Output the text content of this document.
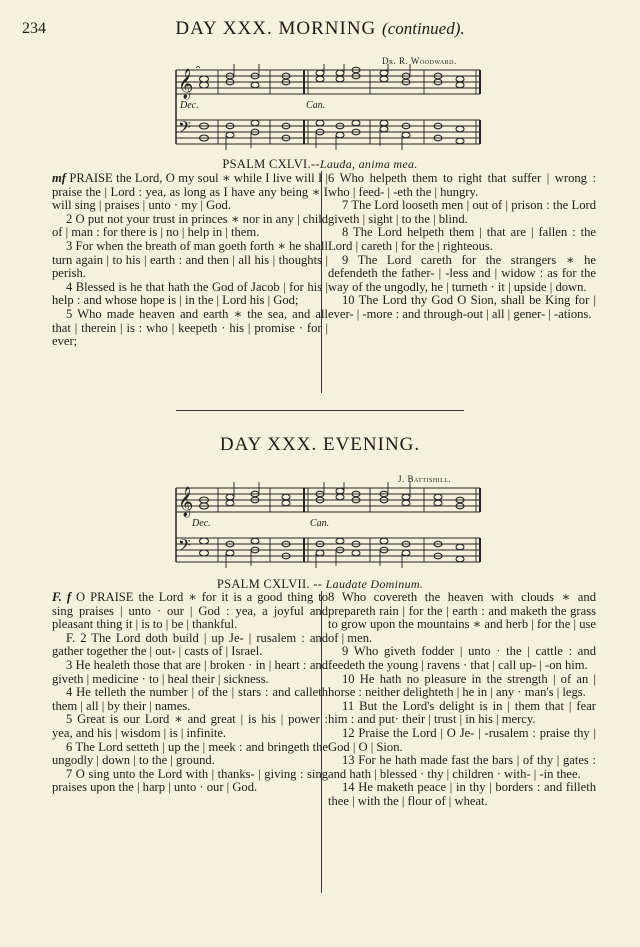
234	DAY XXX. MORNING (continued).
Dr. R. Woodward.
𝄞
𝄢
Dec.	Can.
PSALM CXLVI.--Lauda, anima mea.

mf PRAISE the Lord, O my soul ∗ while I live will I | praise the | Lord : yea, as long as I have any being ∗ I will sing | praises | unto · my | God.

2 O put not your trust in princes ∗ nor in any | child of | man : for there is | no | help in | them.

3 For when the breath of man goeth forth ∗ he shall turn again | to his | earth : and then | all his | thoughts | perish.

4 Blessed is he that hath the God of Jacob | for his | help : and whose hope is | in the | Lord his | God;

5 Who made heaven and earth ∗ the sea, and all that | therein | is : who | keepeth · his | promise · for | ever;

6 Who helpeth them to right that suffer | wrong : who | feed- | -eth the | hungry.

7 The Lord looseth men | out of | prison : the Lord giveth | sight | to the | blind.

8 The Lord helpeth them | that are | fallen : the Lord | careth | for the | righteous.

9 The Lord careth for the strangers ∗ he defendeth the father- | -less and | widow : as for the way of the ungodly, he | turneth · it | upside | down.

10 The Lord thy God O Sion, shall be King for | ever- | -more : and through-out | all | gener- | -ations.

DAY XXX. EVENING.
J. Battishill.
𝄞
𝄢
Dec.	Can.
PSALM CXLVII. -- Laudate Dominum.

F. f O PRAISE the Lord ∗ for it is a good thing to sing praises | unto · our | God : yea, a joyful and pleasant thing it | is to | be | thankful.

F. 2 The Lord doth build | up Je- | rusalem : and gather together the | out- | casts of | Israel.

3 He healeth those that are | broken · in | heart : and giveth | medicine · to | heal their | sickness.

4 He telleth the number | of the | stars : and calleth them | all | by their | names.

5 Great is our Lord ∗ and great | is his | power : yea, and his | wisdom | is | infinite.

6 The Lord setteth | up the | meek : and bringeth the ungodly | down | to the | ground.

7 O sing unto the Lord with | thanks- | giving : sing praises upon the | harp | unto · our | God.

8 Who covereth the heaven with clouds ∗ and prepareth rain | for the | earth : and maketh the grass to grow upon the mountains ∗ and herb | for the | use of | men.

9 Who giveth fodder | unto · the | cattle : and feedeth the young | ravens · that | call up- | -on him.

10 He hath no pleasure in the strength | of an | horse : neither delighteth | he in | any · man's | legs.

11 But the Lord's delight is in | them that | fear him : and put· their | trust | in his | mercy.

12 Praise the Lord | O Je- | -rusalem : praise thy | God | O | Sion.

13 For he hath made fast the bars | of thy | gates : and hath | blessed · thy | children · with- | -in thee.

14 He maketh peace | in thy | borders : and filleth thee | with the | flour of | wheat.
